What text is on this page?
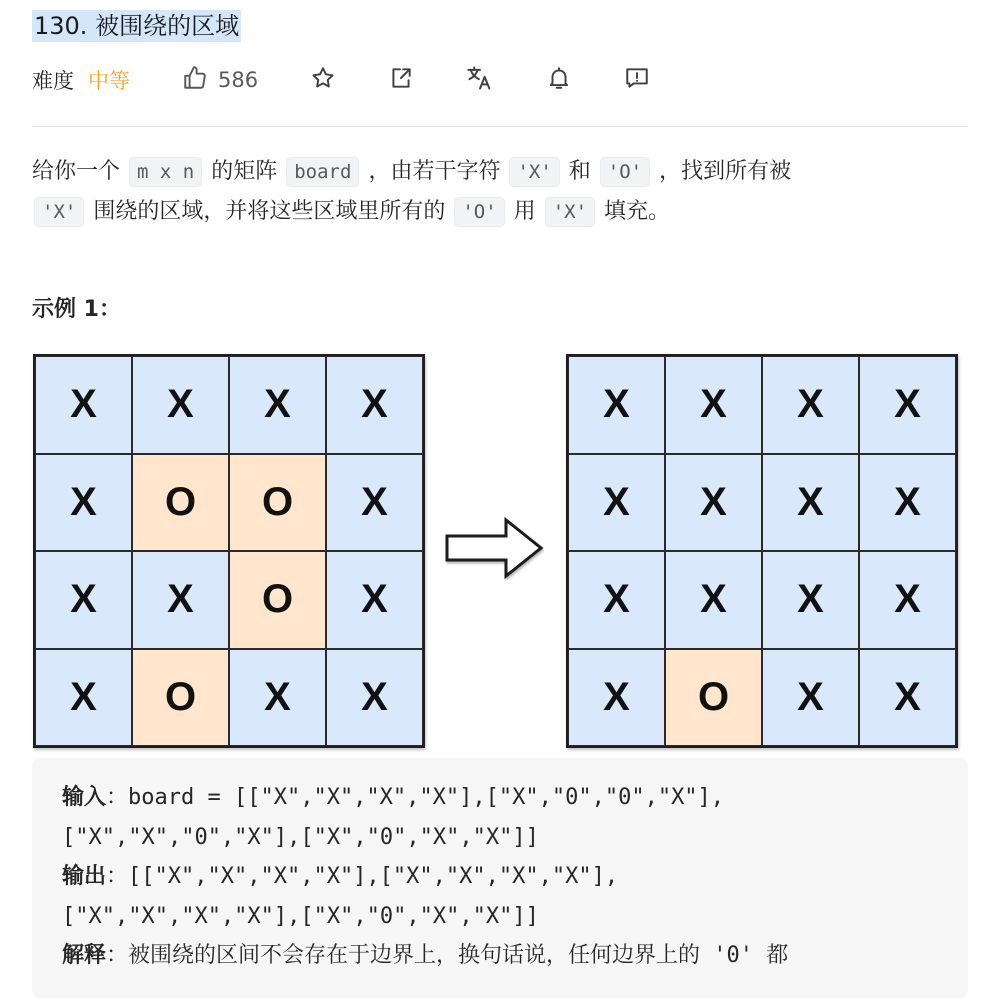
130. 被围绕的区域
难度 中等	586
给你一个 m x n 的矩阵 board ，由若干字符 'X' 和 'O' ，找到所有被
'X' 围绕的区域，并将这些区域里所有的 'O' 用 'X' 填充。
示例 1：
X	X	X	X
X	O	O	X
X	X	O	X
X	O	X	X
X	X	X	X
X	X	X	X
X	X	X	X
X	O	X	X
输入：board = [["X","X","X","X"],["X","0","0","X"],
["X","X","0","X"],["X","0","X","X"]]
输出：[["X","X","X","X"],["X","X","X","X"],
["X","X","X","X"],["X","0","X","X"]]
解释：被围绕的区间不会存在于边界上，换句话说，任何边界上的 '0' 都
